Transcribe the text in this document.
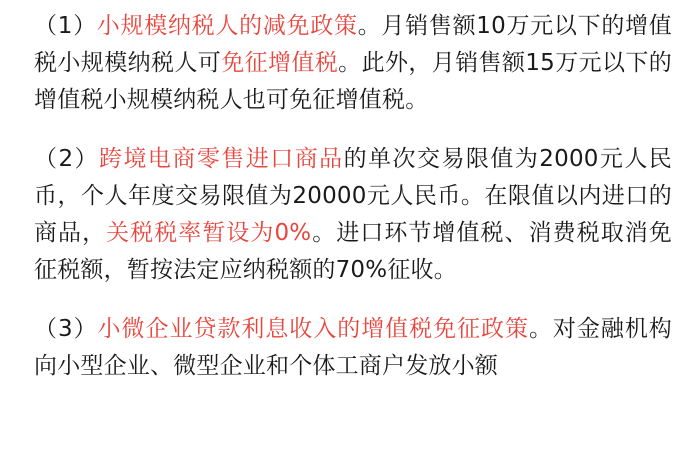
（1）小规模纳税人的减免政策。月销售额10万元以下的增值税小规模纳税人可免征增值税。此外，月销售额15万元以下的增值税小规模纳税人也可免征增值税。

（2）跨境电商零售进口商品的单次交易限值为2000元人民币，个人年度交易限值为20000元人民币。在限值以内进口的商品，关税税率暂设为0%。进口环节增值税、消费税取消免征税额，暂按法定应纳税额的70%征收。

（3）小微企业贷款利息收入的增值税免征政策。对金融机构向小型企业、微型企业和个体工商户发放小额
